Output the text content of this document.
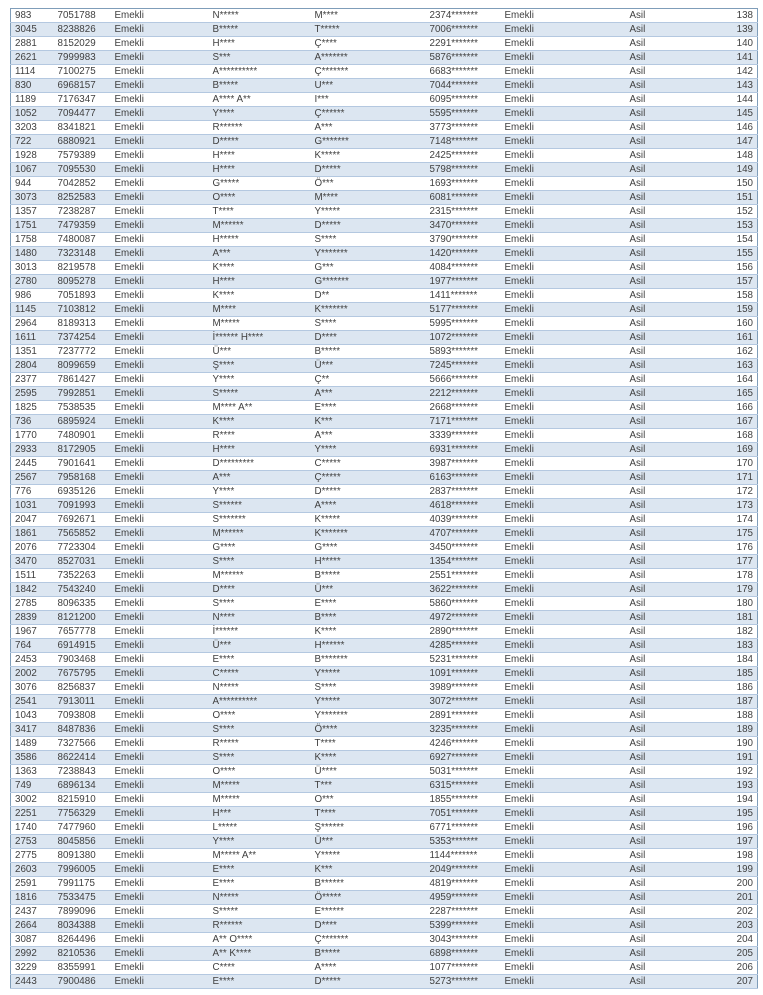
983	7051788	Emekli	N*****	M****	2374*******	Emekli	Asil	138
3045	8238826	Emekli	B*****	T*****	7006*******	Emekli	Asil	139
2881	8152029	Emekli	H****	Ç****	2291*******	Emekli	Asil	140
2621	7999983	Emekli	S***	A*******	5876*******	Emekli	Asil	141
1114	7100275	Emekli	A**********	Ç*******	6683*******	Emekli	Asil	142
830	6968157	Emekli	B*****	U***	7044*******	Emekli	Asil	143
1189	7176347	Emekli	A**** A**	I***	6095*******	Emekli	Asil	144
1052	7094477	Emekli	Y****	Ç******	5595*******	Emekli	Asil	145
3203	8341821	Emekli	R******	A***	3773*******	Emekli	Asil	146
722	6880921	Emekli	D*****	G*******	7148*******	Emekli	Asil	147
1928	7579389	Emekli	H****	K*****	2425*******	Emekli	Asil	148
1067	7095530	Emekli	H****	D*****	5798*******	Emekli	Asil	149
944	7042852	Emekli	G*****	Ö***	1693*******	Emekli	Asil	150
3073	8252583	Emekli	O****	M****	6081*******	Emekli	Asil	151
1357	7238287	Emekli	T****	Y*****	2315*******	Emekli	Asil	152
1751	7479359	Emekli	M******	D*****	3470*******	Emekli	Asil	153
1758	7480087	Emekli	H*****	S****	3790*******	Emekli	Asil	154
1480	7323148	Emekli	A***	Y*******	1420*******	Emekli	Asil	155
3013	8219578	Emekli	K****	G***	4084*******	Emekli	Asil	156
2780	8095278	Emekli	H****	G*******	1977*******	Emekli	Asil	157
986	7051893	Emekli	K****	D**	1411*******	Emekli	Asil	158
1145	7103812	Emekli	M****	K*******	5177*******	Emekli	Asil	159
2964	8189313	Emekli	M*****	S****	5995*******	Emekli	Asil	160
1611	7374254	Emekli	İ****** H****	D****	1072*******	Emekli	Asil	161
1351	7237772	Emekli	Ü***	B*****	5893*******	Emekli	Asil	162
2804	8099659	Emekli	Ş****	Ü***	7245*******	Emekli	Asil	163
2377	7861427	Emekli	Y****	Ç**	5666*******	Emekli	Asil	164
2595	7992851	Emekli	S*****	A***	2212*******	Emekli	Asil	165
1825	7538535	Emekli	M**** A**	E****	2668*******	Emekli	Asil	166
736	6895924	Emekli	K****	K***	7171*******	Emekli	Asil	167
1770	7480901	Emekli	R****	A***	3339*******	Emekli	Asil	168
2933	8172905	Emekli	H****	Y****	6931*******	Emekli	Asil	169
2445	7901641	Emekli	D*********	C*****	3987*******	Emekli	Asil	170
2567	7958168	Emekli	A***	Ç*****	6163*******	Emekli	Asil	171
776	6935126	Emekli	Y****	D*****	2837*******	Emekli	Asil	172
1031	7091993	Emekli	S******	A****	4618*******	Emekli	Asil	173
2047	7692671	Emekli	S*******	K*****	4039*******	Emekli	Asil	174
1861	7565852	Emekli	M******	K*******	4707*******	Emekli	Asil	175
2076	7723304	Emekli	G****	G****	3450*******	Emekli	Asil	176
3470	8527031	Emekli	S****	H*****	1354*******	Emekli	Asil	177
1511	7352263	Emekli	M******	B*****	2551*******	Emekli	Asil	178
1842	7543240	Emekli	D****	Ü***	3622*******	Emekli	Asil	179
2785	8096335	Emekli	S****	E****	5860*******	Emekli	Asil	180
2839	8121200	Emekli	N****	B****	4972*******	Emekli	Asil	181
1967	7657778	Emekli	İ******	K****	2890*******	Emekli	Asil	182
764	6914915	Emekli	Ü***	H******	4285*******	Emekli	Asil	183
2453	7903468	Emekli	E****	B*******	5231*******	Emekli	Asil	184
2002	7675795	Emekli	C*****	Y*****	1091*******	Emekli	Asil	185
3076	8256837	Emekli	N*****	S****	3989*******	Emekli	Asil	186
2541	7913011	Emekli	A**********	Y*****	3072*******	Emekli	Asil	187
1043	7093808	Emekli	O****	Y*******	2891*******	Emekli	Asil	188
3417	8487836	Emekli	S****	Ö****	3235*******	Emekli	Asil	189
1489	7327566	Emekli	R*****	T****	4246*******	Emekli	Asil	190
3586	8622414	Emekli	S****	K****	6927*******	Emekli	Asil	191
1363	7238843	Emekli	O****	Ü****	5031*******	Emekli	Asil	192
749	6896134	Emekli	M*****	T***	6315*******	Emekli	Asil	193
3002	8215910	Emekli	M*****	O***	1855*******	Emekli	Asil	194
2251	7756329	Emekli	H***	T****	7051*******	Emekli	Asil	195
1740	7477960	Emekli	L*****	Ş******	6771*******	Emekli	Asil	196
2753	8045856	Emekli	Y****	Ü***	5353*******	Emekli	Asil	197
2775	8091380	Emekli	M***** A**	Y*****	1144*******	Emekli	Asil	198
2603	7996005	Emekli	E****	K***	2049*******	Emekli	Asil	199
2591	7991175	Emekli	E****	B******	4819*******	Emekli	Asil	200
1816	7533475	Emekli	N*****	Ö*****	4959*******	Emekli	Asil	201
2437	7899096	Emekli	S*****	E******	2287*******	Emekli	Asil	202
2664	8034388	Emekli	R******	D****	5399*******	Emekli	Asil	203
3087	8264496	Emekli	A** O****	Ç*******	3043*******	Emekli	Asil	204
2992	8210536	Emekli	A** K****	B*****	6898*******	Emekli	Asil	205
3229	8355991	Emekli	C****	A****	1077*******	Emekli	Asil	206
2443	7900486	Emekli	E****	D*****	5273*******	Emekli	Asil	207
